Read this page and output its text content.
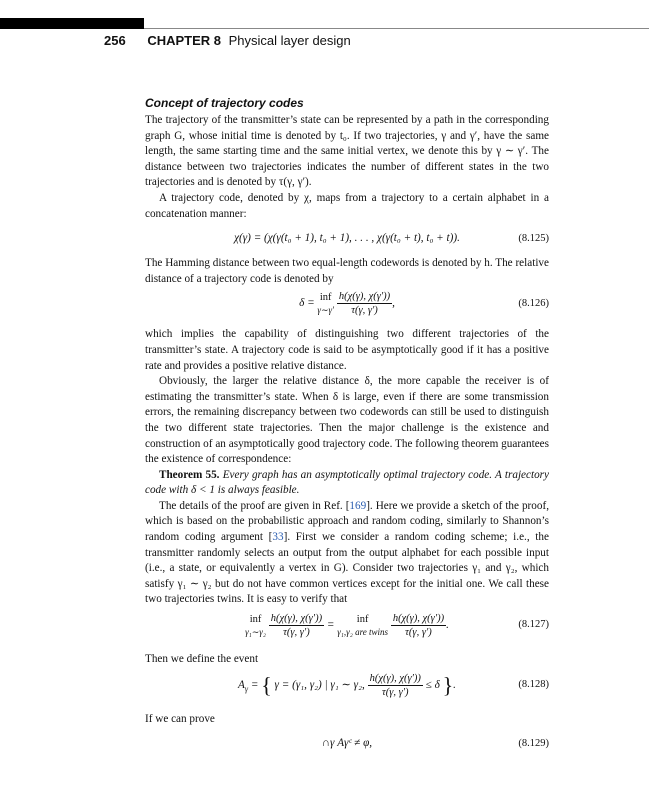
256 CHAPTER 8 Physical layer design
Concept of trajectory codes

The trajectory of the transmitter’s state can be represented by a path in the corresponding graph G, whose initial time is denoted by t₀. If two trajectories, γ and γ′, have the same length, the same starting time and the same initial vertex, we denote this by γ ∼ γ′. The distance between two trajectories indicates the number of different states in the two trajectories and is denoted by τ(γ, γ′).

A trajectory code, denoted by χ, maps from a trajectory to a certain alphabet in a concatenation manner:

χ(γ) = (χ(γ(t₀ + 1), t₀ + 1), . . . , χ(γ(t₀ + t), t₀ + t)).	(8.125)

The Hamming distance between two equal-length codewords is denoted by h. The relative distance of a trajectory code is denoted by

δ = inf
γ∼γ′
$\frac{h(\chi(\gamma), \chi(\gamma'))}{\tau(\gamma, \gamma')}$ ,	(8.126)

which implies the capability of distinguishing two different trajectories of the transmitter’s state. A trajectory code is said to be asymptotically good if it has a positive rate and provides a positive relative distance.

Obviously, the larger the relative distance δ, the more capable the receiver is of estimating the transmitter’s state. When δ is large, even if there are some transmission errors, the remaining discrepancy between two codewords can still be used to distinguish the two different state trajectories. Then the major challenge is the existence and construction of an asymptotically good trajectory code. The following theorem guarantees the existence of correspondence:

Theorem 55. Every graph has an asymptotically optimal trajectory code. A trajectory code with δ < 1 is always feasible.

The details of the proof are given in Ref. [169]. Here we provide a sketch of the proof, which is based on the probabilistic approach and random coding, similarly to Shannon’s random coding argument [33]. First we consider a random coding scheme; i.e., the transmitter randomly selects an output from the output alphabet for each possible input (i.e., a state, or equivalently a vertex in G). Consider two trajectories γ₁ and γ₂, which satisfy γ₁ ∼ γ₂ but do not have common vertices except for the initial one. We call these two trajectories twins. It is easy to verify that

inf
γ₁∼γ₂
$\frac{h(\chi(\gamma), \chi(\gamma'))}{\tau(\gamma, \gamma')}$ = inf
γ₁,γ₂ are twins
$\frac{h(\chi(\gamma), \chi(\gamma'))}{\tau(\gamma, \gamma')}$ .	(8.127)

Then we define the event

$A_\gamma$ = { γ = (γ₁, γ₂) | γ₁ ∼ γ₂, $\frac{h(\chi(\gamma), \chi(\gamma'))}{\tau(\gamma, \gamma')} \le \delta$ }.	(8.128)

If we can prove

∩γ Aγᶜ ≠ φ,	(8.129)
